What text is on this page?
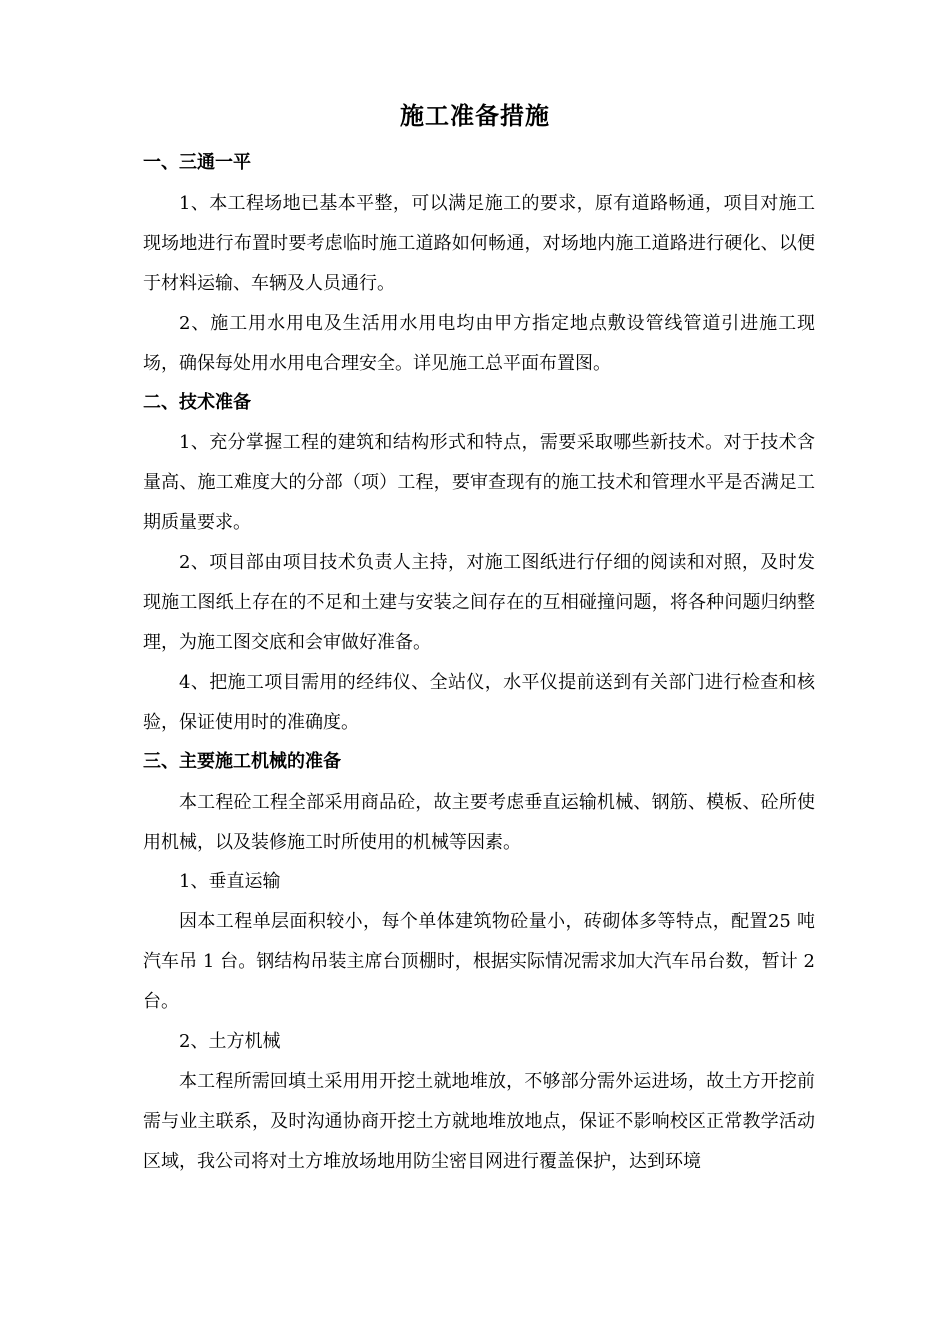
施工准备措施
一、三通一平

1、本工程场地已基本平整，可以满足施工的要求，原有道路畅通，项目对施工现场地进行布置时要考虑临时施工道路如何畅通，对场地内施工道路进行硬化、以便于材料运输、车辆及人员通行。

2、施工用水用电及生活用水用电均由甲方指定地点敷设管线管道引进施工现场，确保每处用水用电合理安全。详见施工总平面布置图。

二、技术准备

1、充分掌握工程的建筑和结构形式和特点，需要采取哪些新技术。对于技术含量高、施工难度大的分部（项）工程，要审查现有的施工技术和管理水平是否满足工期质量要求。

2、项目部由项目技术负责人主持，对施工图纸进行仔细的阅读和对照，及时发现施工图纸上存在的不足和土建与安装之间存在的互相碰撞问题，将各种问题归纳整理，为施工图交底和会审做好准备。

4、把施工项目需用的经纬仪、全站仪，水平仪提前送到有关部门进行检查和核验，保证使用时的准确度。

三、主要施工机械的准备

本工程砼工程全部采用商品砼，故主要考虑垂直运输机械、钢筋、模板、砼所使用机械，以及装修施工时所使用的机械等因素。

1、垂直运输

因本工程单层面积较小，每个单体建筑物砼量小，砖砌体多等特点，配置25 吨汽车吊 1 台。钢结构吊装主席台顶棚时，根据实际情况需求加大汽车吊台数，暂计 2 台。

2、土方机械

本工程所需回填土采用用开挖土就地堆放，不够部分需外运进场，故土方开挖前需与业主联系，及时沟通协商开挖土方就地堆放地点，保证不影响校区正常教学活动区域，我公司将对土方堆放场地用防尘密目网进行覆盖保护，达到环境
